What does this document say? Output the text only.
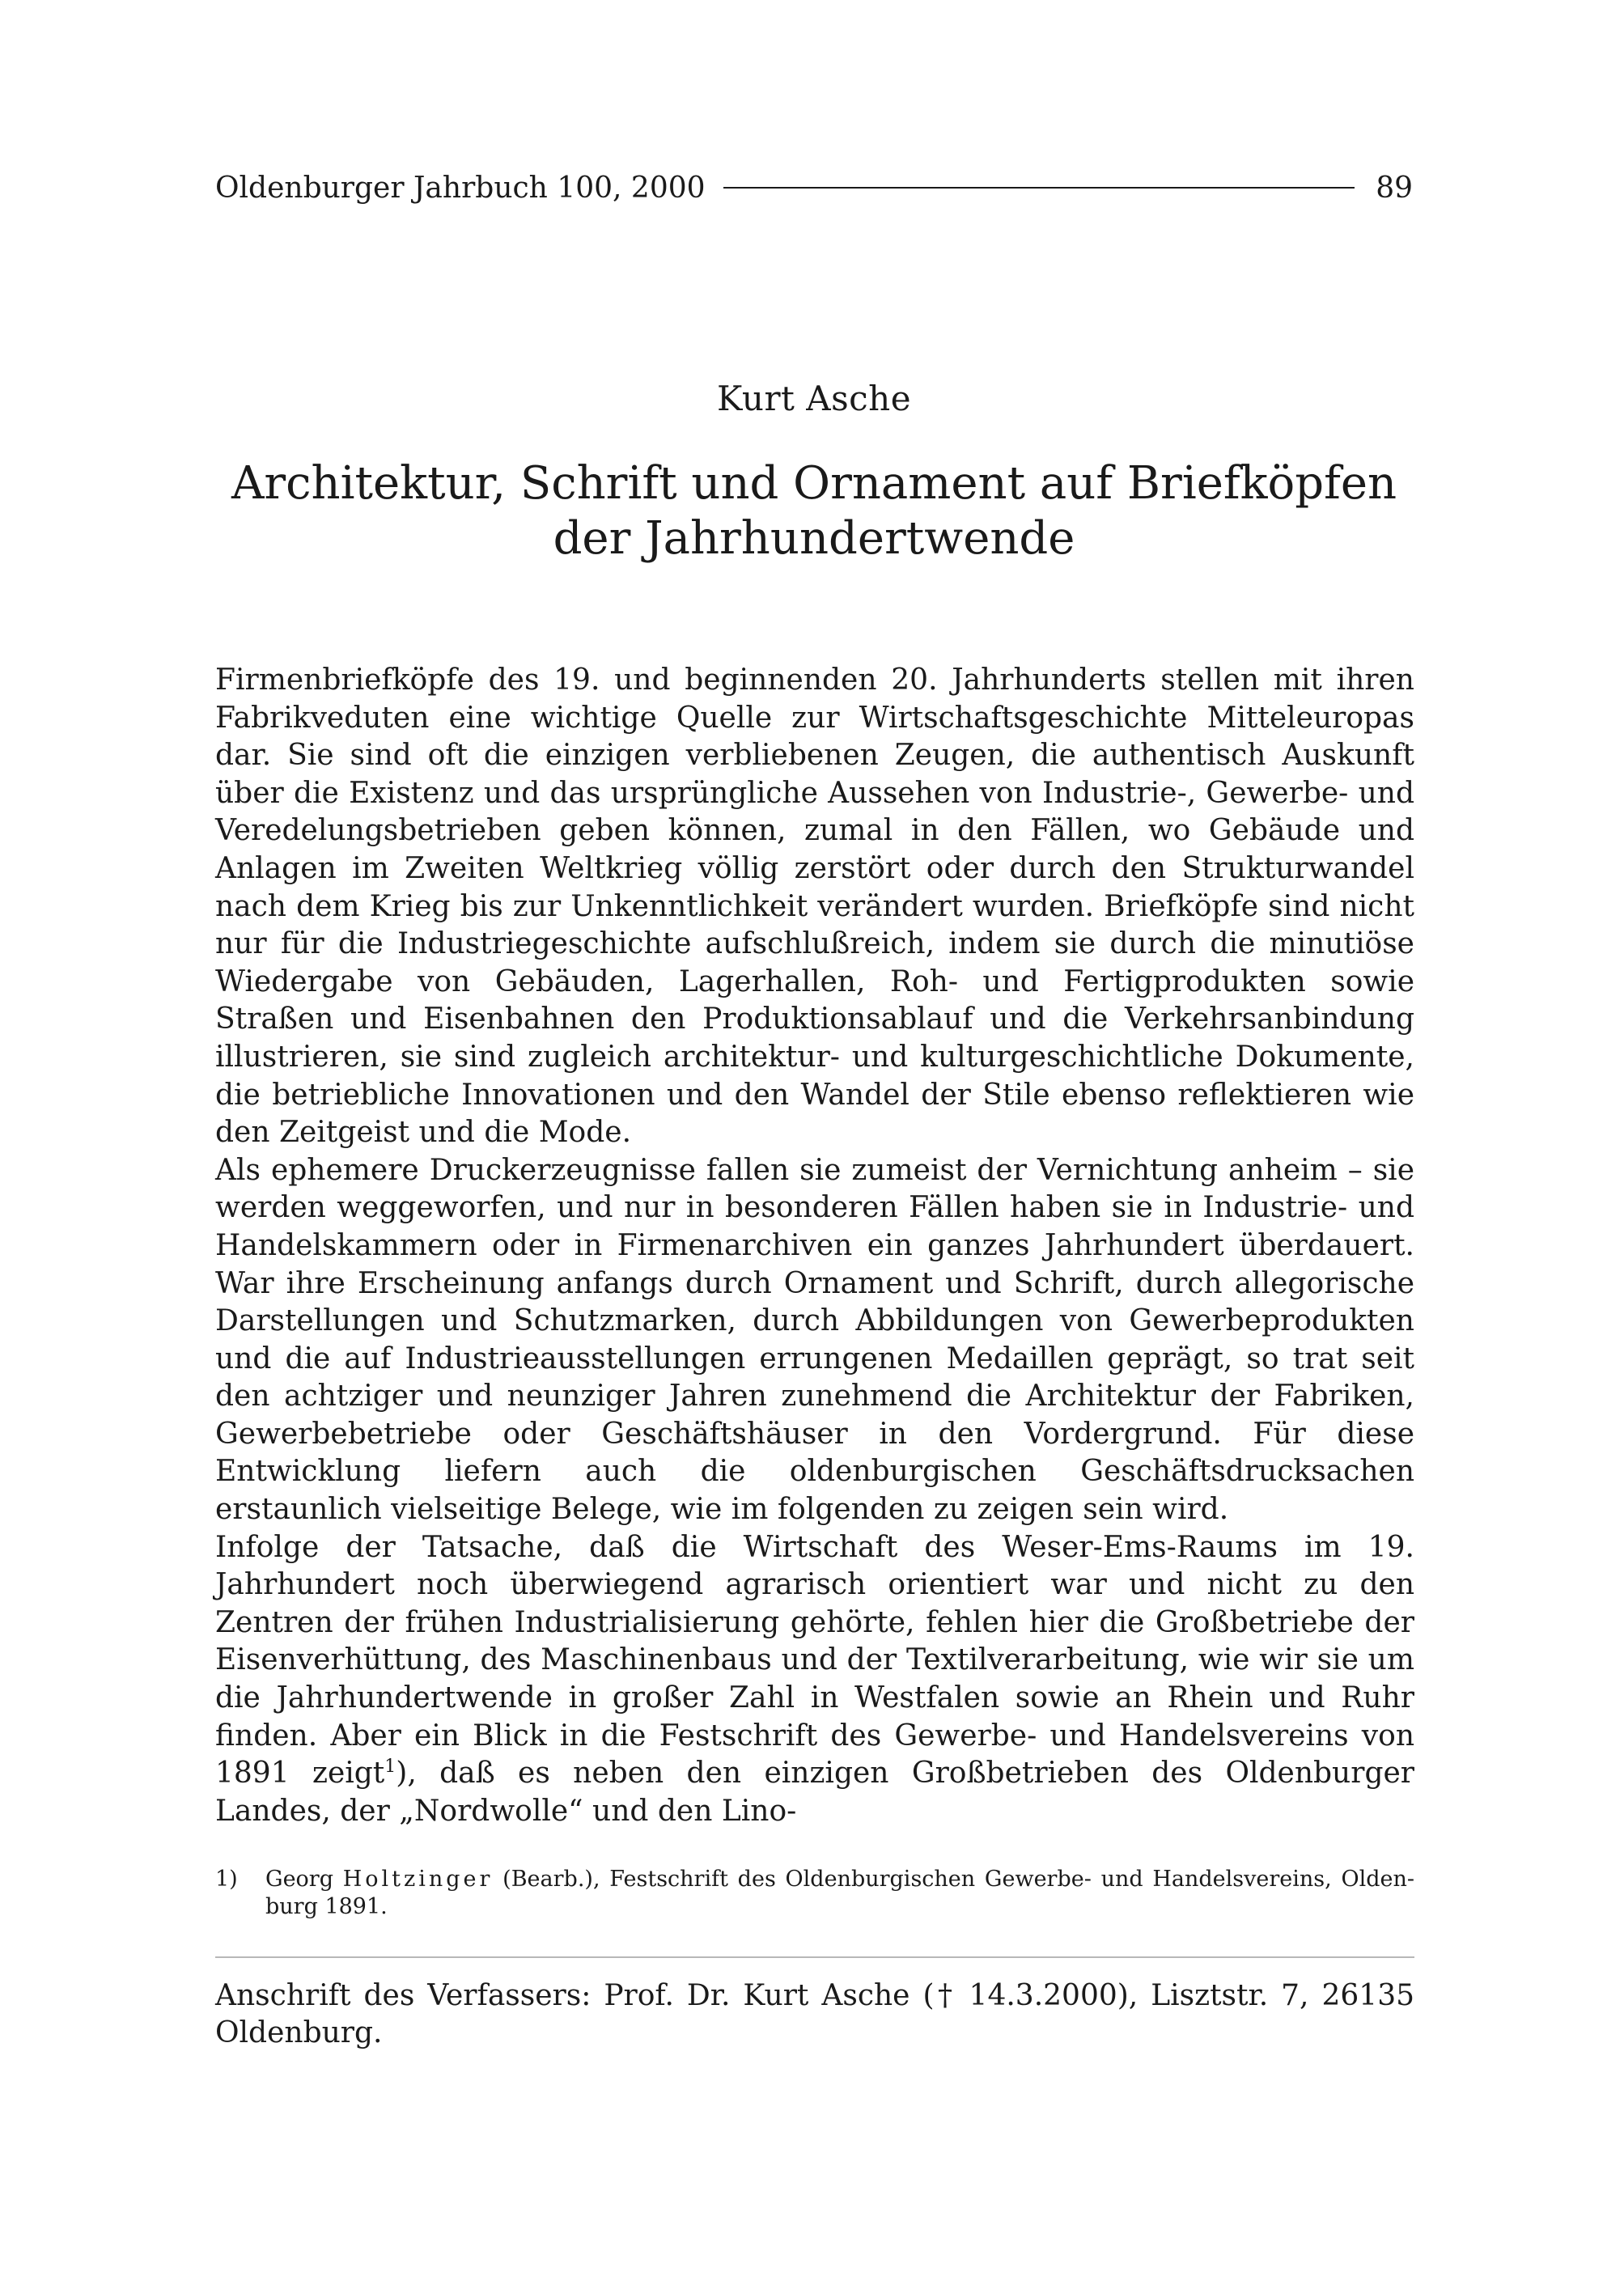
Oldenburger Jahrbuch 100, 2000	89
Kurt Asche
Architektur, Schrift und Ornament auf Briefköpfen
der Jahrhundertwende

Firmenbriefköpfe des 19. und beginnenden 20. Jahrhunderts stellen mit ihren Fabrikveduten eine wichtige Quelle zur Wirtschaftsgeschichte Mitteleuropas dar. Sie sind oft die einzigen verbliebenen Zeugen, die authentisch Auskunft über die Existenz und das ursprüngliche Aussehen von Industrie-, Gewerbe- und Veredelungsbetrieben geben können, zumal in den Fällen, wo Gebäude und Anlagen im Zweiten Weltkrieg völlig zerstört oder durch den Strukturwandel nach dem Krieg bis zur Unkenntlichkeit verändert wurden. Briefköpfe sind nicht nur für die Industriegeschichte aufschlußreich, indem sie durch die minutiöse Wiedergabe von Gebäuden, Lagerhallen, Roh- und Fertigprodukten sowie Straßen und Eisenbahnen den Produktionsablauf und die Verkehrsanbindung illustrieren, sie sind zugleich architektur- und kulturgeschichtliche Dokumente, die betriebliche Innovationen und den Wandel der Stile ebenso reflektieren wie den Zeitgeist und die Mode.

Als ephemere Druckerzeugnisse fallen sie zumeist der Vernichtung anheim – sie werden weggeworfen, und nur in besonderen Fällen haben sie in Industrie- und Handelskammern oder in Firmenarchiven ein ganzes Jahrhundert überdauert. War ihre Erscheinung anfangs durch Ornament und Schrift, durch allegorische Darstellungen und Schutzmarken, durch Abbildungen von Gewerbeprodukten und die auf Industrieausstellungen errungenen Medaillen geprägt, so trat seit den achtziger und neunziger Jahren zunehmend die Architektur der Fabriken, Gewerbebetriebe oder Geschäftshäuser in den Vordergrund. Für diese Entwicklung liefern auch die oldenburgischen Geschäftsdrucksachen erstaunlich vielseitige Belege, wie im folgenden zu zeigen sein wird.

Infolge der Tatsache, daß die Wirtschaft des Weser-Ems-Raums im 19. Jahrhundert noch überwiegend agrarisch orientiert war und nicht zu den Zentren der frühen Industrialisierung gehörte, fehlen hier die Großbetriebe der Eisenverhüttung, des Maschinenbaus und der Textilverarbeitung, wie wir sie um die Jahrhundertwende in großer Zahl in Westfalen sowie an Rhein und Ruhr finden. Aber ein Blick in die Festschrift des Gewerbe- und Handelsvereins von 1891 zeigt$^1$), daß es neben den einzigen Großbetrieben des Oldenburger Landes, der „Nordwolle“ und den Lino-

1)	Georg Holtzinger (Bearb.), Festschrift des Oldenburgischen Gewerbe- und Handelsvereins, Oldenburg 1891.
Anschrift des Verfassers: Prof. Dr. Kurt Asche († 14.3.2000), Lisztstr. 7, 26135 Oldenburg.
